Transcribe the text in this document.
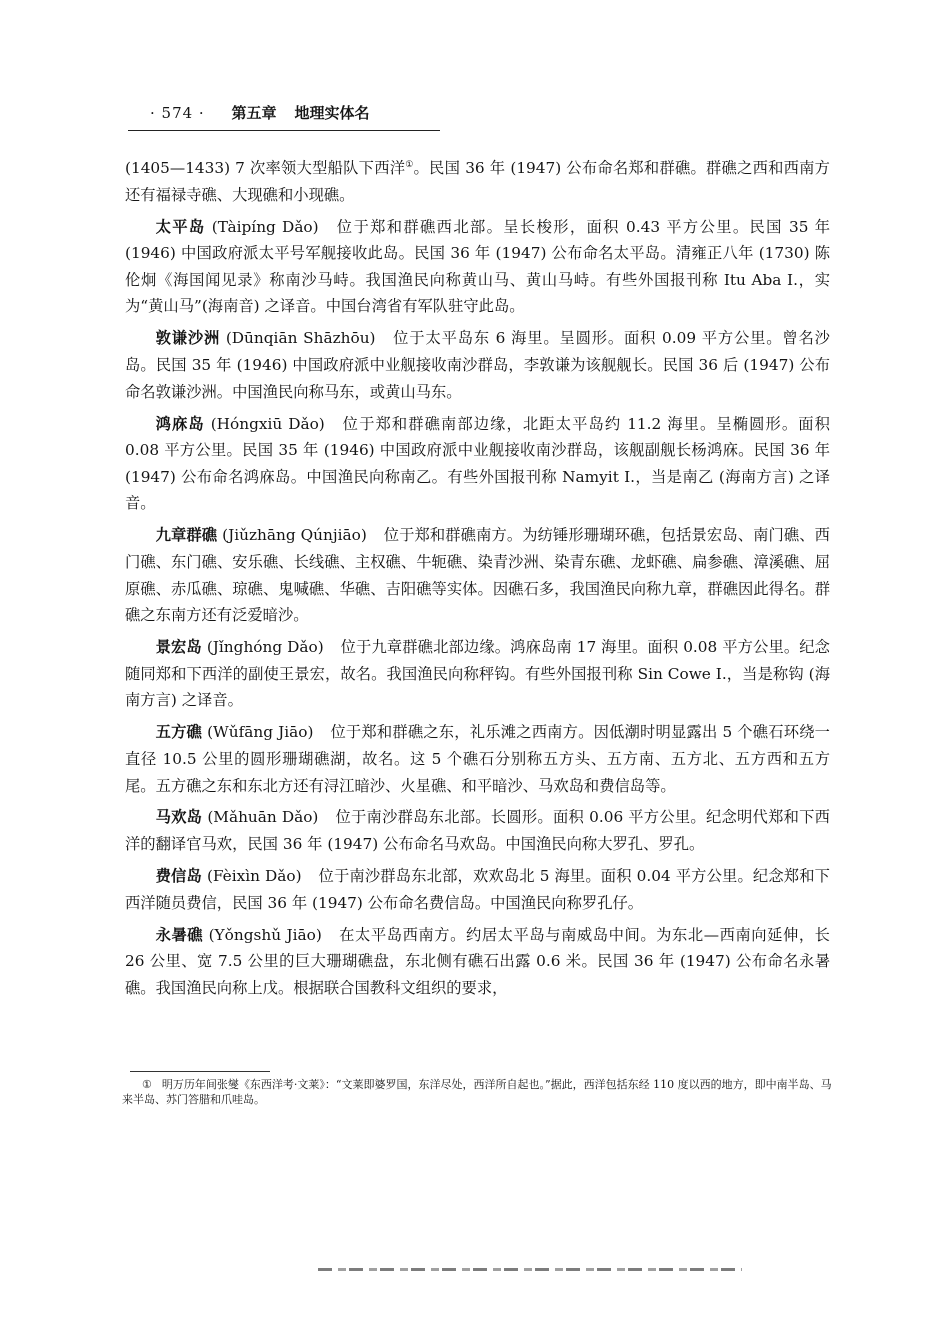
· 574 · 第五章 地理实体名

(1405—1433) 7 次率领大型船队下西洋①。民国 36 年 (1947) 公布命名郑和群礁。群礁之西和西南方还有福禄寺礁、大现礁和小现礁。

太平岛 (Tàipíng Dǎo) 位于郑和群礁西北部。呈长梭形，面积 0.43 平方公里。民国 35 年 (1946) 中国政府派太平号军舰接收此岛。民国 36 年 (1947) 公布命名太平岛。清雍正八年 (1730) 陈伦炯《海国闻见录》称南沙马峙。我国渔民向称黄山马、黄山马峙。有些外国报刊称 Itu Aba I.，实为“黄山马”(海南音) 之译音。中国台湾省有军队驻守此岛。

敦谦沙洲 (Dūnqiān Shāzhōu) 位于太平岛东 6 海里。呈圆形。面积 0.09 平方公里。曾名沙岛。民国 35 年 (1946) 中国政府派中业舰接收南沙群岛，李敦谦为该舰舰长。民国 36 后 (1947) 公布命名敦谦沙洲。中国渔民向称马东，或黄山马东。

鸿庥岛 (Hóngxiū Dǎo) 位于郑和群礁南部边缘，北距太平岛约 11.2 海里。呈椭圆形。面积 0.08 平方公里。民国 35 年 (1946) 中国政府派中业舰接收南沙群岛，该舰副舰长杨鸿庥。民国 36 年 (1947) 公布命名鸿庥岛。中国渔民向称南乙。有些外国报刊称 Namyit I.，当是南乙 (海南方言) 之译音。

九章群礁 (Jiǔzhāng Qúnjiāo) 位于郑和群礁南方。为纺锤形珊瑚环礁，包括景宏岛、南门礁、西门礁、东门礁、安乐礁、长线礁、主权礁、牛轭礁、染青沙洲、染青东礁、龙虾礁、扁参礁、漳溪礁、屈原礁、赤瓜礁、琼礁、鬼喊礁、华礁、吉阳礁等实体。因礁石多，我国渔民向称九章，群礁因此得名。群礁之东南方还有泛爱暗沙。

景宏岛 (Jǐnghóng Dǎo) 位于九章群礁北部边缘。鸿庥岛南 17 海里。面积 0.08 平方公里。纪念随同郑和下西洋的副使王景宏，故名。我国渔民向称秤钩。有些外国报刊称 Sin Cowe I.，当是称钩 (海南方言) 之译音。

五方礁 (Wǔfāng Jiāo) 位于郑和群礁之东，礼乐滩之西南方。因低潮时明显露出 5 个礁石环绕一直径 10.5 公里的圆形珊瑚礁湖，故名。这 5 个礁石分别称五方头、五方南、五方北、五方西和五方尾。五方礁之东和东北方还有浔江暗沙、火星礁、和平暗沙、马欢岛和费信岛等。

马欢岛 (Mǎhuān Dǎo) 位于南沙群岛东北部。长圆形。面积 0.06 平方公里。纪念明代郑和下西洋的翻译官马欢，民国 36 年 (1947) 公布命名马欢岛。中国渔民向称大罗孔、罗孔。

费信岛 (Fèixìn Dǎo) 位于南沙群岛东北部，欢欢岛北 5 海里。面积 0.04 平方公里。纪念郑和下西洋随员费信，民国 36 年 (1947) 公布命名费信岛。中国渔民向称罗孔仔。

永暑礁 (Yǒngshǔ Jiāo) 在太平岛西南方。约居太平岛与南威岛中间。为东北—西南向延伸，长 26 公里、宽 7.5 公里的巨大珊瑚礁盘，东北侧有礁石出露 0.6 米。民国 36 年 (1947) 公布命名永暑礁。我国渔民向称上戊。根据联合国教科文组织的要求，

① 明万历年间张燮《东西洋考·文莱》：“文莱即婆罗国，东洋尽处，西洋所自起也。”据此，西洋包括东经 110 度以西的地方，即中南半岛、马来半岛、苏门答腊和爪哇岛。
